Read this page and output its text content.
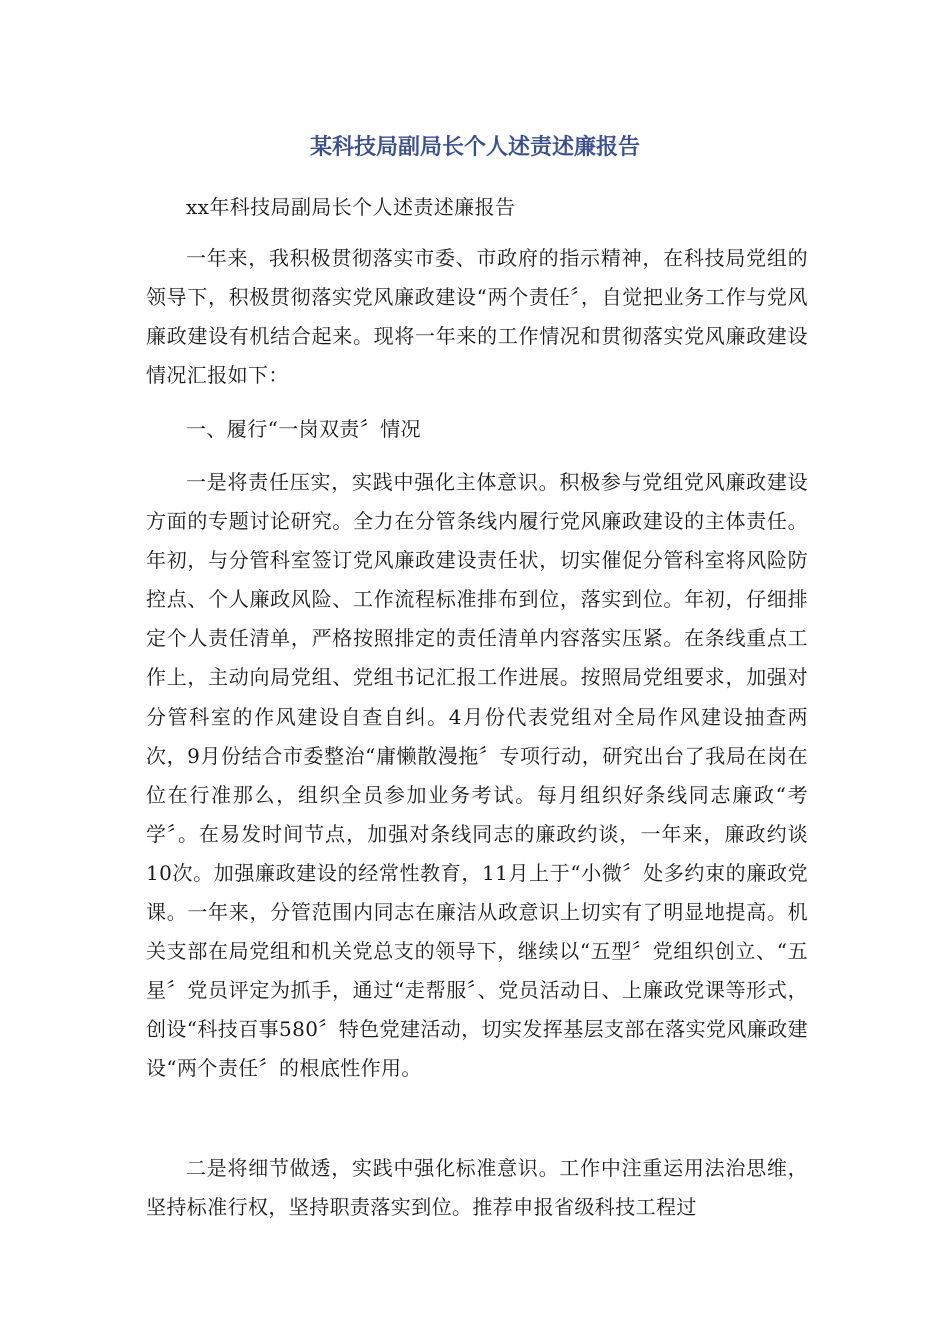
某科技局副局长个人述责述廉报告

xx年科技局副局长个人述责述廉报告

一年来，我积极贯彻落实市委、市政府的指示精神，在科技局党组的领导下，积极贯彻落实党风廉政建设“两个责任〞，自觉把业务工作与党风廉政建设有机结合起来。现将一年来的工作情况和贯彻落实党风廉政建设情况汇报如下：

一、履行“一岗双责〞情况

一是将责任压实，实践中强化主体意识。积极参与党组党风廉政建设方面的专题讨论研究。全力在分管条线内履行党风廉政建设的主体责任。年初，与分管科室签订党风廉政建设责任状，切实催促分管科室将风险防控点、个人廉政风险、工作流程标准排布到位，落实到位。年初，仔细排定个人责任清单，严格按照排定的责任清单内容落实压紧。在条线重点工作上，主动向局党组、党组书记汇报工作进展。按照局党组要求，加强对分管科室的作风建设自查自纠。4月份代表党组对全局作风建设抽查两次，9月份结合市委整治“庸懒散漫拖〞专项行动，研究出台了我局在岗在位在行准那么，组织全员参加业务考试。每月组织好条线同志廉政“考学〞。在易发时间节点，加强对条线同志的廉政约谈，一年来，廉政约谈10次。加强廉政建设的经常性教育，11月上于“小微〞处多约束的廉政党课。一年来，分管范围内同志在廉洁从政意识上切实有了明显地提高。机关支部在局党组和机关党总支的领导下，继续以“五型〞党组织创立、“五星〞党员评定为抓手，通过“走帮服〞、党员活动日、上廉政党课等形式，创设“科技百事580〞特色党建活动，切实发挥基层支部在落实党风廉政建设“两个责任〞的根底性作用。

二是将细节做透，实践中强化标准意识。工作中注重运用法治思维，坚持标准行权，坚持职责落实到位。推荐申报省级科技工程过
